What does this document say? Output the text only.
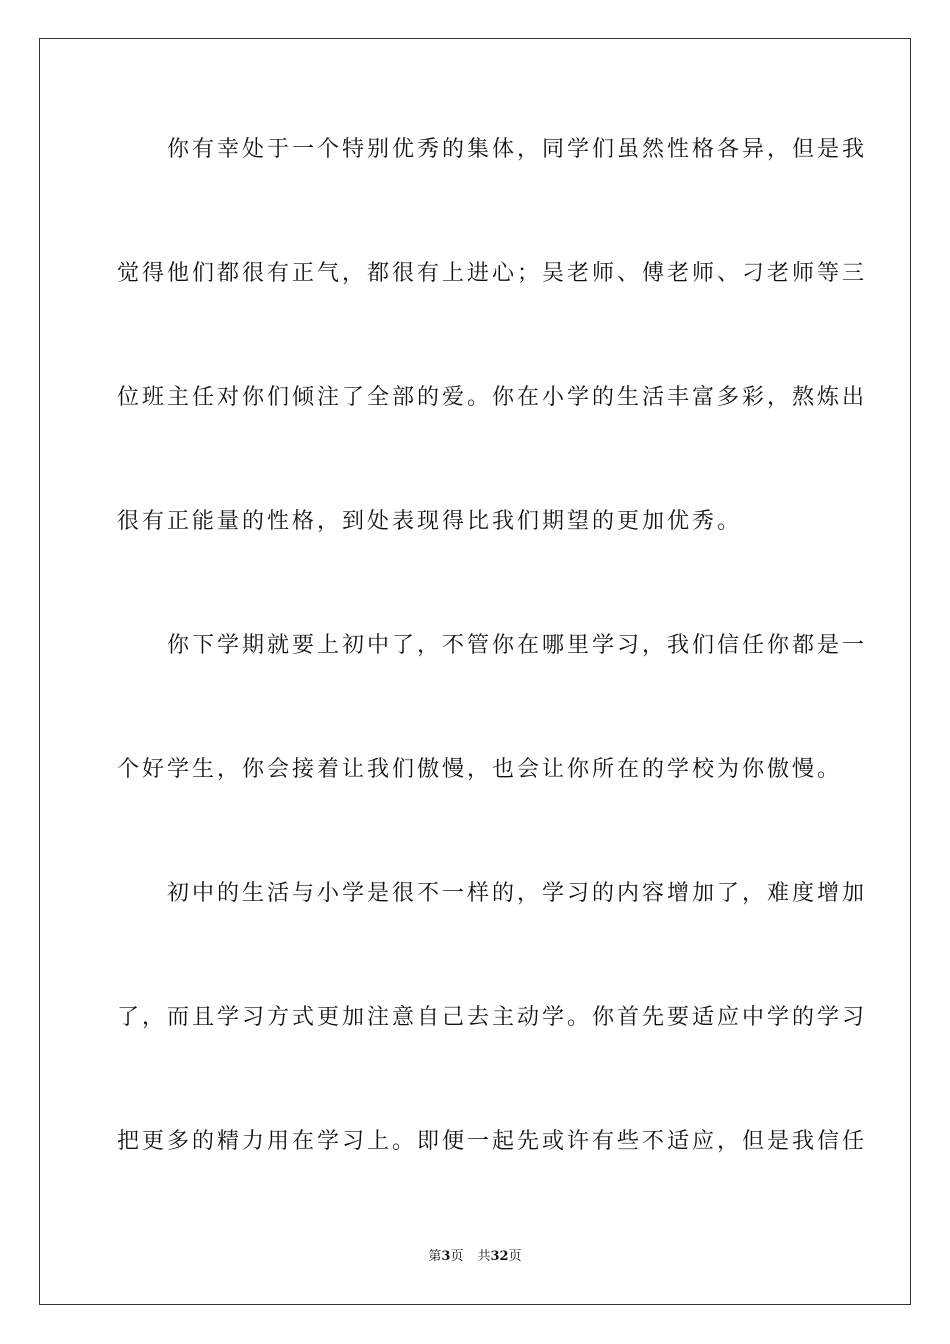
　　你有幸处于一个特别优秀的集体，同学们虽然性格各异，但是我
觉得他们都很有正气，都很有上进心；吴老师、傅老师、刁老师等三
位班主任对你们倾注了全部的爱。你在小学的生活丰富多彩，熬炼出
很有正能量的性格，到处表现得比我们期望的更加优秀。
　　你下学期就要上初中了，不管你在哪里学习，我们信任你都是一
个好学生，你会接着让我们傲慢，也会让你所在的学校为你傲慢。
　　初中的生活与小学是很不一样的，学习的内容增加了，难度增加
了，而且学习方式更加注意自己去主动学。你首先要适应中学的学习
把更多的精力用在学习上。即便一起先或许有些不适应，但是我信任
第3页 共32页
